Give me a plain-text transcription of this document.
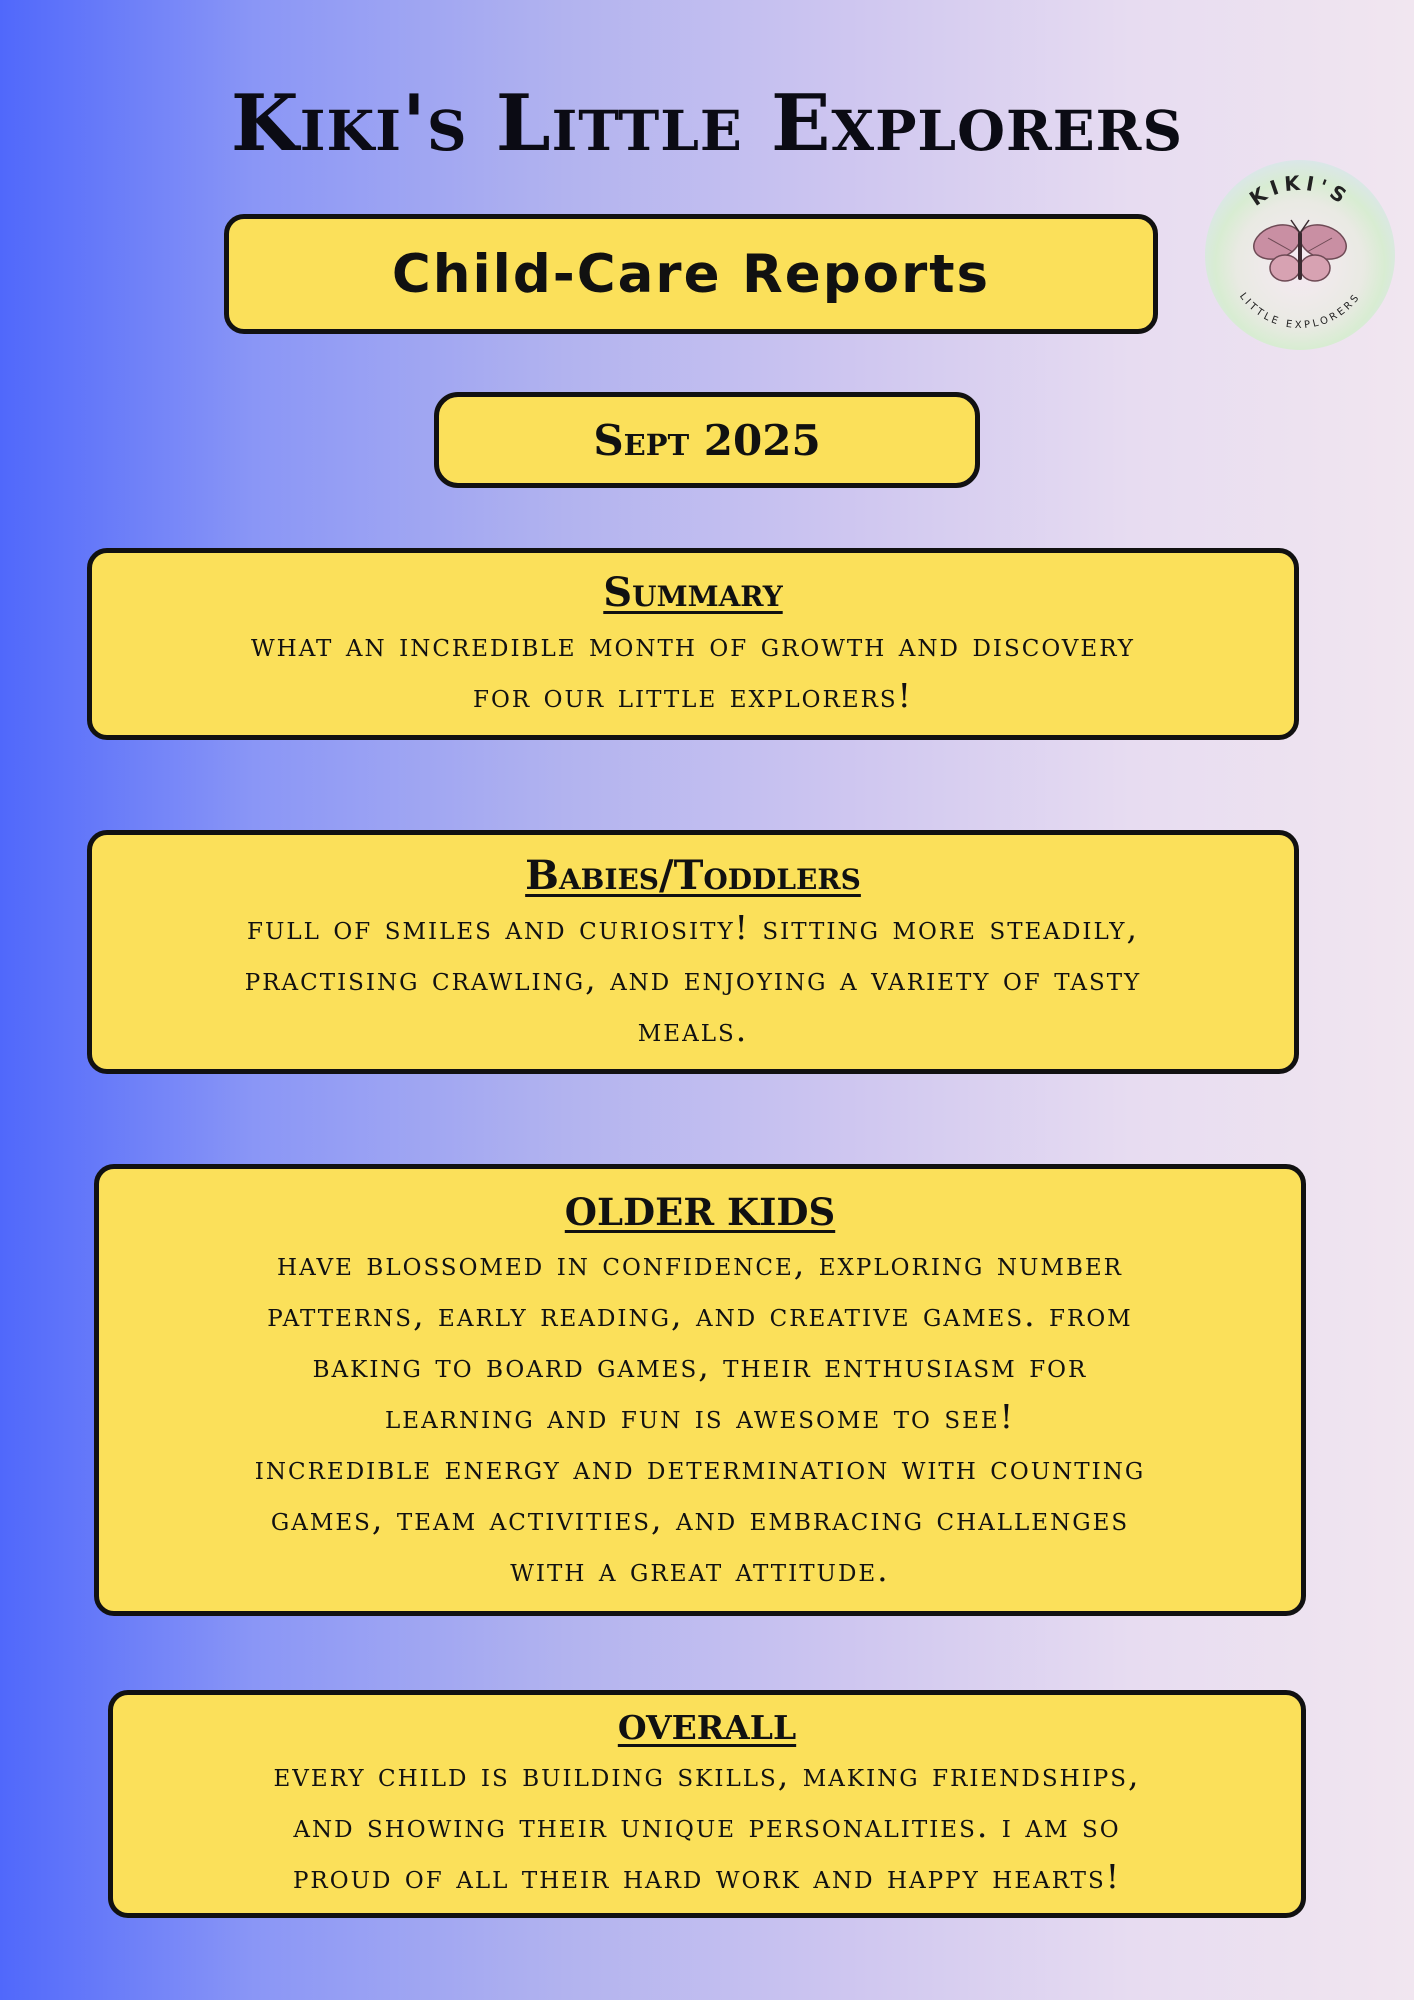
Kiki's Little Explorers
KIKI'S
LITTLE EXPLORERS
Child-Care Reports
Sept 2025
Summary
what an incredible month of growth and discovery
for our little explorers!
Babies/Toddlers
full of smiles and curiosity! sitting more steadily,
practising crawling, and enjoying a variety of tasty
meals.
OLDER KIDS
have blossomed in confidence, exploring number
patterns, early reading, and creative games. from
baking to board games, their enthusiasm for
learning and fun is awesome to see!
incredible energy and determination with counting
games, team activities, and embracing challenges
with a great attitude.
OVERALL
every child is building skills, making friendships,
and showing their unique personalities. i am so
proud of all their hard work and happy hearts!
